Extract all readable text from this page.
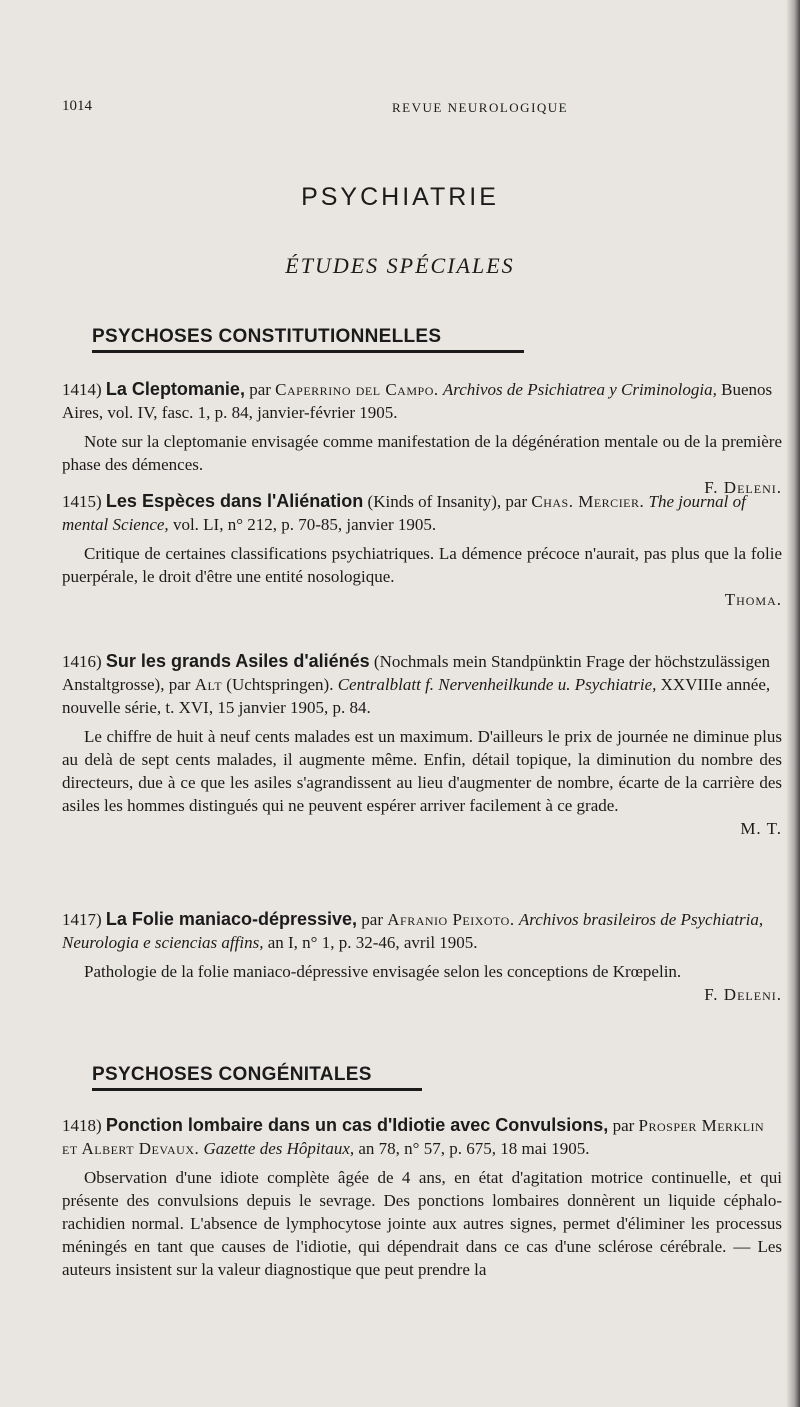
1014	REVUE NEUROLOGIQUE
PSYCHIATRIE
ÉTUDES SPÉCIALES
PSYCHOSES CONSTITUTIONNELLES

1414) La Cleptomanie, par Caperrino del Campo. Archivos de Psichiatrea y Criminologia, Buenos Aires, vol. IV, fasc. 1, p. 84, janvier-février 1905.

Note sur la cleptomanie envisagée comme manifestation de la dégénération mentale ou de la première phase des démences.
F. Deleni.

1415) Les Espèces dans l'Aliénation (Kinds of Insanity), par Chas. Mercier. The journal of mental Science, vol. LI, n° 212, p. 70-85, janvier 1905.

Critique de certaines classifications psychiatriques. La démence précoce n'aurait, pas plus que la folie puerpérale, le droit d'être une entité nosologique.
Thoma.

1416) Sur les grands Asiles d'aliénés (Nochmals mein Standpünktin Frage der höchstzulässigen Anstaltgrosse), par Alt (Uchtspringen). Centralblatt f. Nervenheilkunde u. Psychiatrie, XXVIIIe année, nouvelle série, t. XVI, 15 janvier 1905, p. 84.

Le chiffre de huit à neuf cents malades est un maximum. D'ailleurs le prix de journée ne diminue plus au delà de sept cents malades, il augmente même. Enfin, détail topique, la diminution du nombre des directeurs, due à ce que les asiles s'agrandissent au lieu d'augmenter de nombre, écarte de la carrière des asiles les hommes distingués qui ne peuvent espérer arriver facilement à ce grade.
M. T.

1417) La Folie maniaco-dépressive, par Afranio Peixoto. Archivos brasileiros de Psychiatria, Neurologia e sciencias affins, an I, n° 1, p. 32-46, avril 1905.

Pathologie de la folie maniaco-dépressive envisagée selon les conceptions de Krœpelin.
F. Deleni.

PSYCHOSES CONGÉNITALES

1418) Ponction lombaire dans un cas d'Idiotie avec Convulsions, par Prosper Merklin et Albert Devaux. Gazette des Hôpitaux, an 78, n° 57, p. 675, 18 mai 1905.

Observation d'une idiote complète âgée de 4 ans, en état d'agitation motrice continuelle, et qui présente des convulsions depuis le sevrage. Des ponctions lombaires donnèrent un liquide céphalo-rachidien normal. L'absence de lymphocytose jointe aux autres signes, permet d'éliminer les processus méningés en tant que causes de l'idiotie, qui dépendrait dans ce cas d'une sclérose cérébrale. — Les auteurs insistent sur la valeur diagnostique que peut prendre la
